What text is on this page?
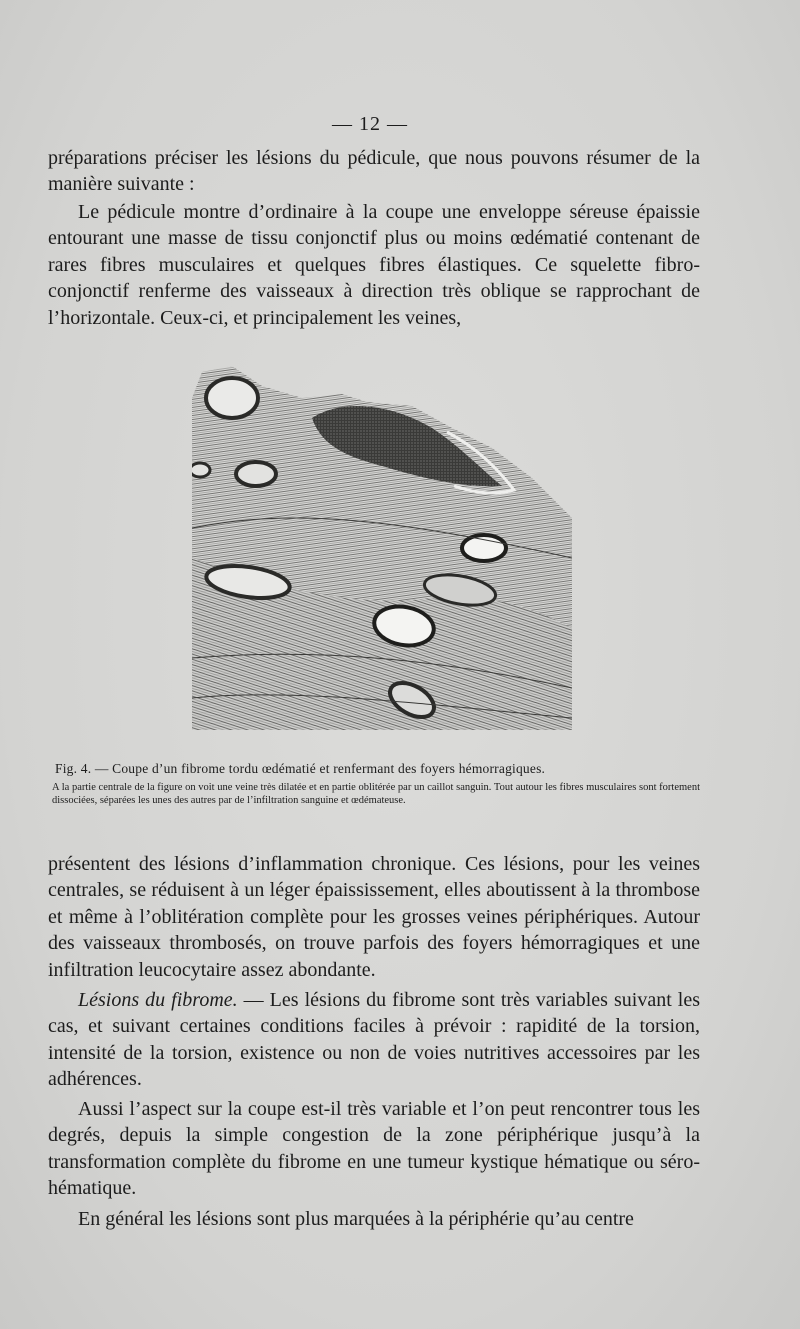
— 12 —

préparations préciser les lésions du pédicule, que nous pouvons résumer de la manière suivante :

Le pédicule montre d’ordinaire à la coupe une enveloppe séreuse épaissie entourant une masse de tissu conjonctif plus ou moins œdématié contenant de rares fibres musculaires et quelques fibres élastiques. Ce squelette fibro-conjonctif renferme des vaisseaux à direction très oblique se rapprochant de l’horizontale. Ceux-ci, et principalement les veines,

Fig. 4. — Coupe d’un fibrome tordu œdématié et renfermant des foyers hémorragiques.
A la partie centrale de la figure on voit une veine très dilatée et en partie oblitérée par un caillot sanguin. Tout autour les fibres musculaires sont fortement dissociées, séparées les unes des autres par de l’infiltration sanguine et œdémateuse.

présentent des lésions d’inflammation chronique. Ces lésions, pour les veines centrales, se réduisent à un léger épaississement, elles aboutissent à la thrombose et même à l’oblitération complète pour les grosses veines périphériques. Autour des vaisseaux thrombosés, on trouve parfois des foyers hémorragiques et une infiltration leucocytaire assez abondante.

Lésions du fibrome. — Les lésions du fibrome sont très variables suivant les cas, et suivant certaines conditions faciles à prévoir : rapidité de la torsion, intensité de la torsion, existence ou non de voies nutritives accessoires par les adhérences.

Aussi l’aspect sur la coupe est-il très variable et l’on peut rencontrer tous les degrés, depuis la simple congestion de la zone périphérique jusqu’à la transformation complète du fibrome en une tumeur kystique hématique ou séro-hématique.

En général les lésions sont plus marquées à la périphérie qu’au centre
